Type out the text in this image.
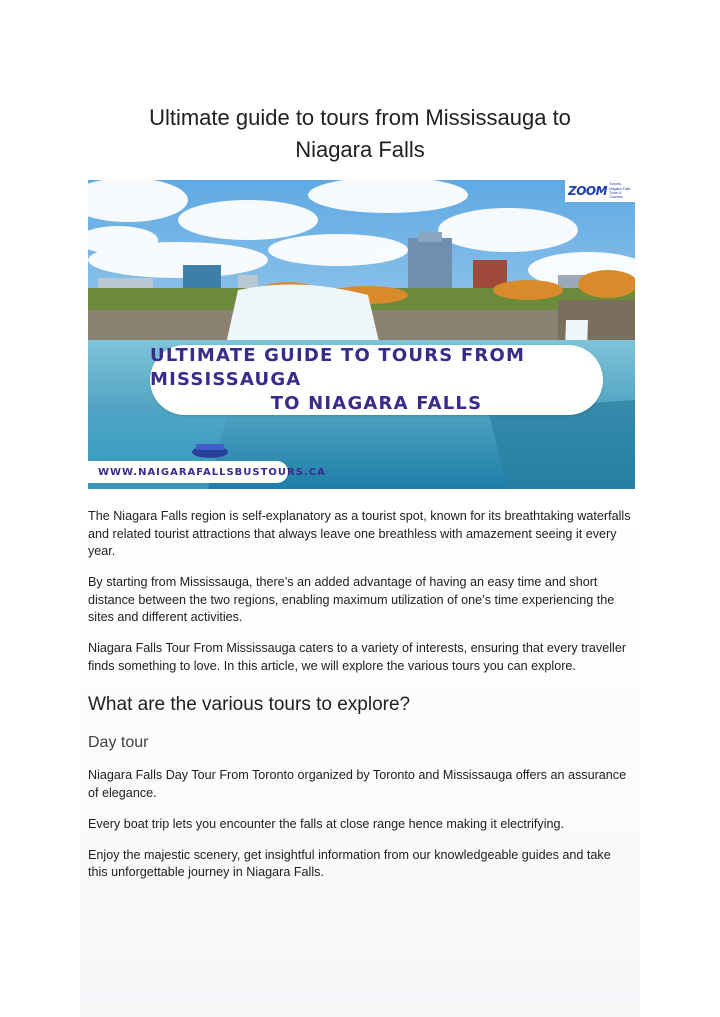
Ultimate guide to tours from Mississauga to
Niagara Falls
ZOOM Toronto, Niagara Falls Tours & Charters
ULTIMATE GUIDE TO TOURS FROM MISSISSAUGA
TO NIAGARA FALLS
WWW.NAIGARAFALLSBUSTOURS.CA

The Niagara Falls region is self-explanatory as a tourist spot, known for its breathtaking waterfalls and related tourist attractions that always leave one breathless with amazement seeing it every year.

By starting from Mississauga, there’s an added advantage of having an easy time and short distance between the two regions, enabling maximum utilization of one’s time experiencing the sites and different activities.

Niagara Falls Tour From Mississauga caters to a variety of interests, ensuring that every traveller finds something to love. In this article, we will explore the various tours you can explore.

What are the various tours to explore?
Day tour

Niagara Falls Day Tour From Toronto organized by Toronto and Mississauga offers an assurance of elegance.

Every boat trip lets you encounter the falls at close range hence making it electrifying.

Enjoy the majestic scenery, get insightful information from our knowledgeable guides and take this unforgettable journey in Niagara Falls.
